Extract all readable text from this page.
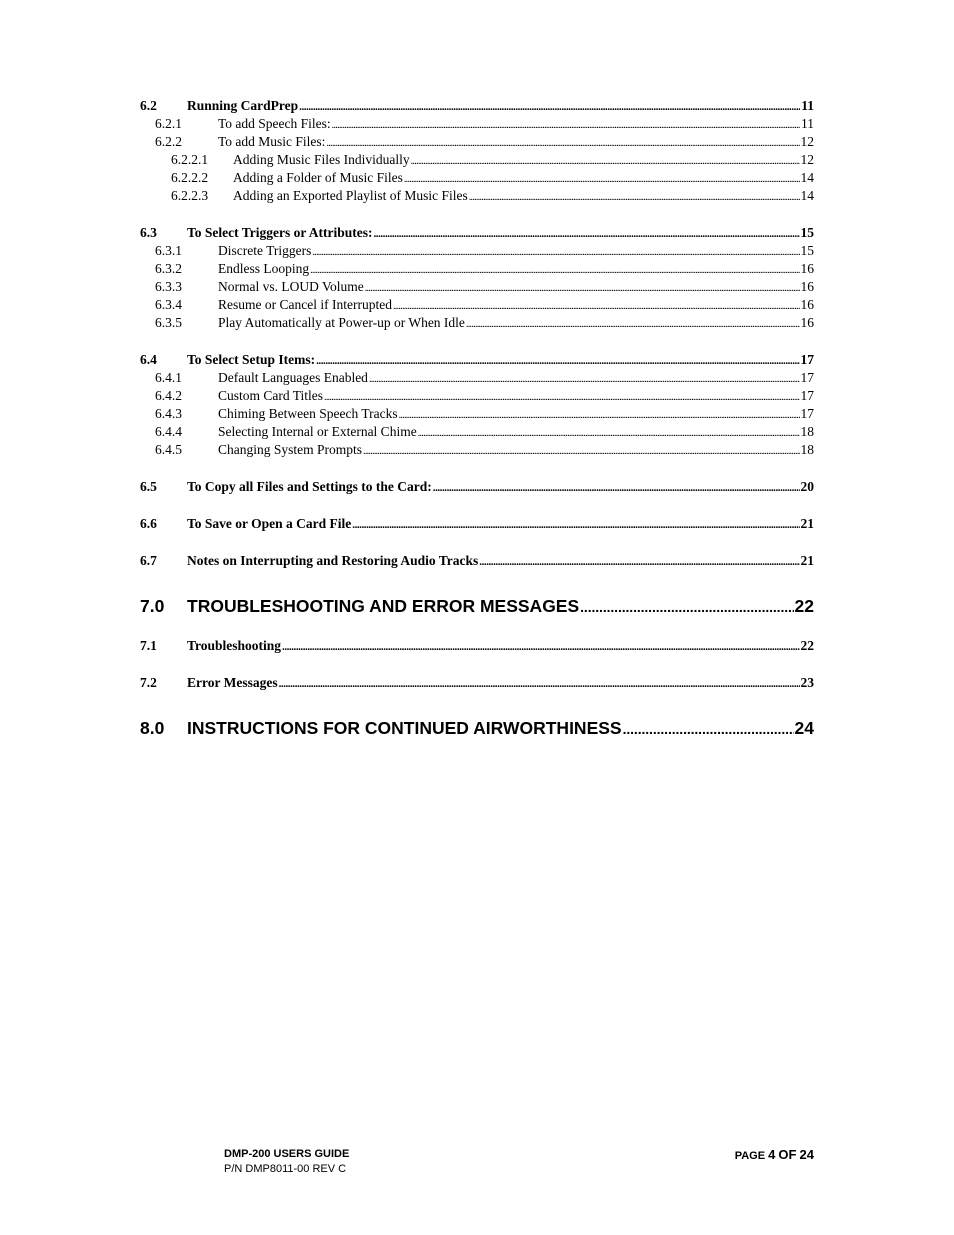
6.2	Running CardPrep . . .	11
6.2.1	To add Speech Files: . . .	11
6.2.2	To add Music Files: . . .	12
6.2.2.1	Adding Music Files Individually . . .	12
6.2.2.2	Adding a Folder of Music Files . . .	14
6.2.2.3	Adding an Exported Playlist of Music Files . . .	14
6.3	To Select Triggers or Attributes: . . .	15
6.3.1	Discrete Triggers . . .	15
6.3.2	Endless Looping . . .	16
6.3.3	Normal vs. LOUD Volume . . .	16
6.3.4	Resume or Cancel if Interrupted . . .	16
6.3.5	Play Automatically at Power-up or When Idle . . .	16
6.4	To Select Setup Items: . . .	17
6.4.1	Default Languages Enabled . . .	17
6.4.2	Custom Card Titles . . .	17
6.4.3	Chiming Between Speech Tracks . . .	17
6.4.4	Selecting Internal or External Chime . . .	18
6.4.5	Changing System Prompts . . .	18
6.5	To Copy all Files and Settings to the Card: . . .	20
6.6	To Save or Open a Card File . . .	21
6.7	Notes on Interrupting and Restoring Audio Tracks . . .	21
7.0	TROUBLESHOOTING AND ERROR MESSAGES . . .	22
7.1	Troubleshooting . . .	22
7.2	Error Messages . . .	23
8.0	INSTRUCTIONS FOR CONTINUED AIRWORTHINESS . . .	24
DMP-200 USERS GUIDE
P/N DMP8011-00 REV C
PAGE 4 OF 24
